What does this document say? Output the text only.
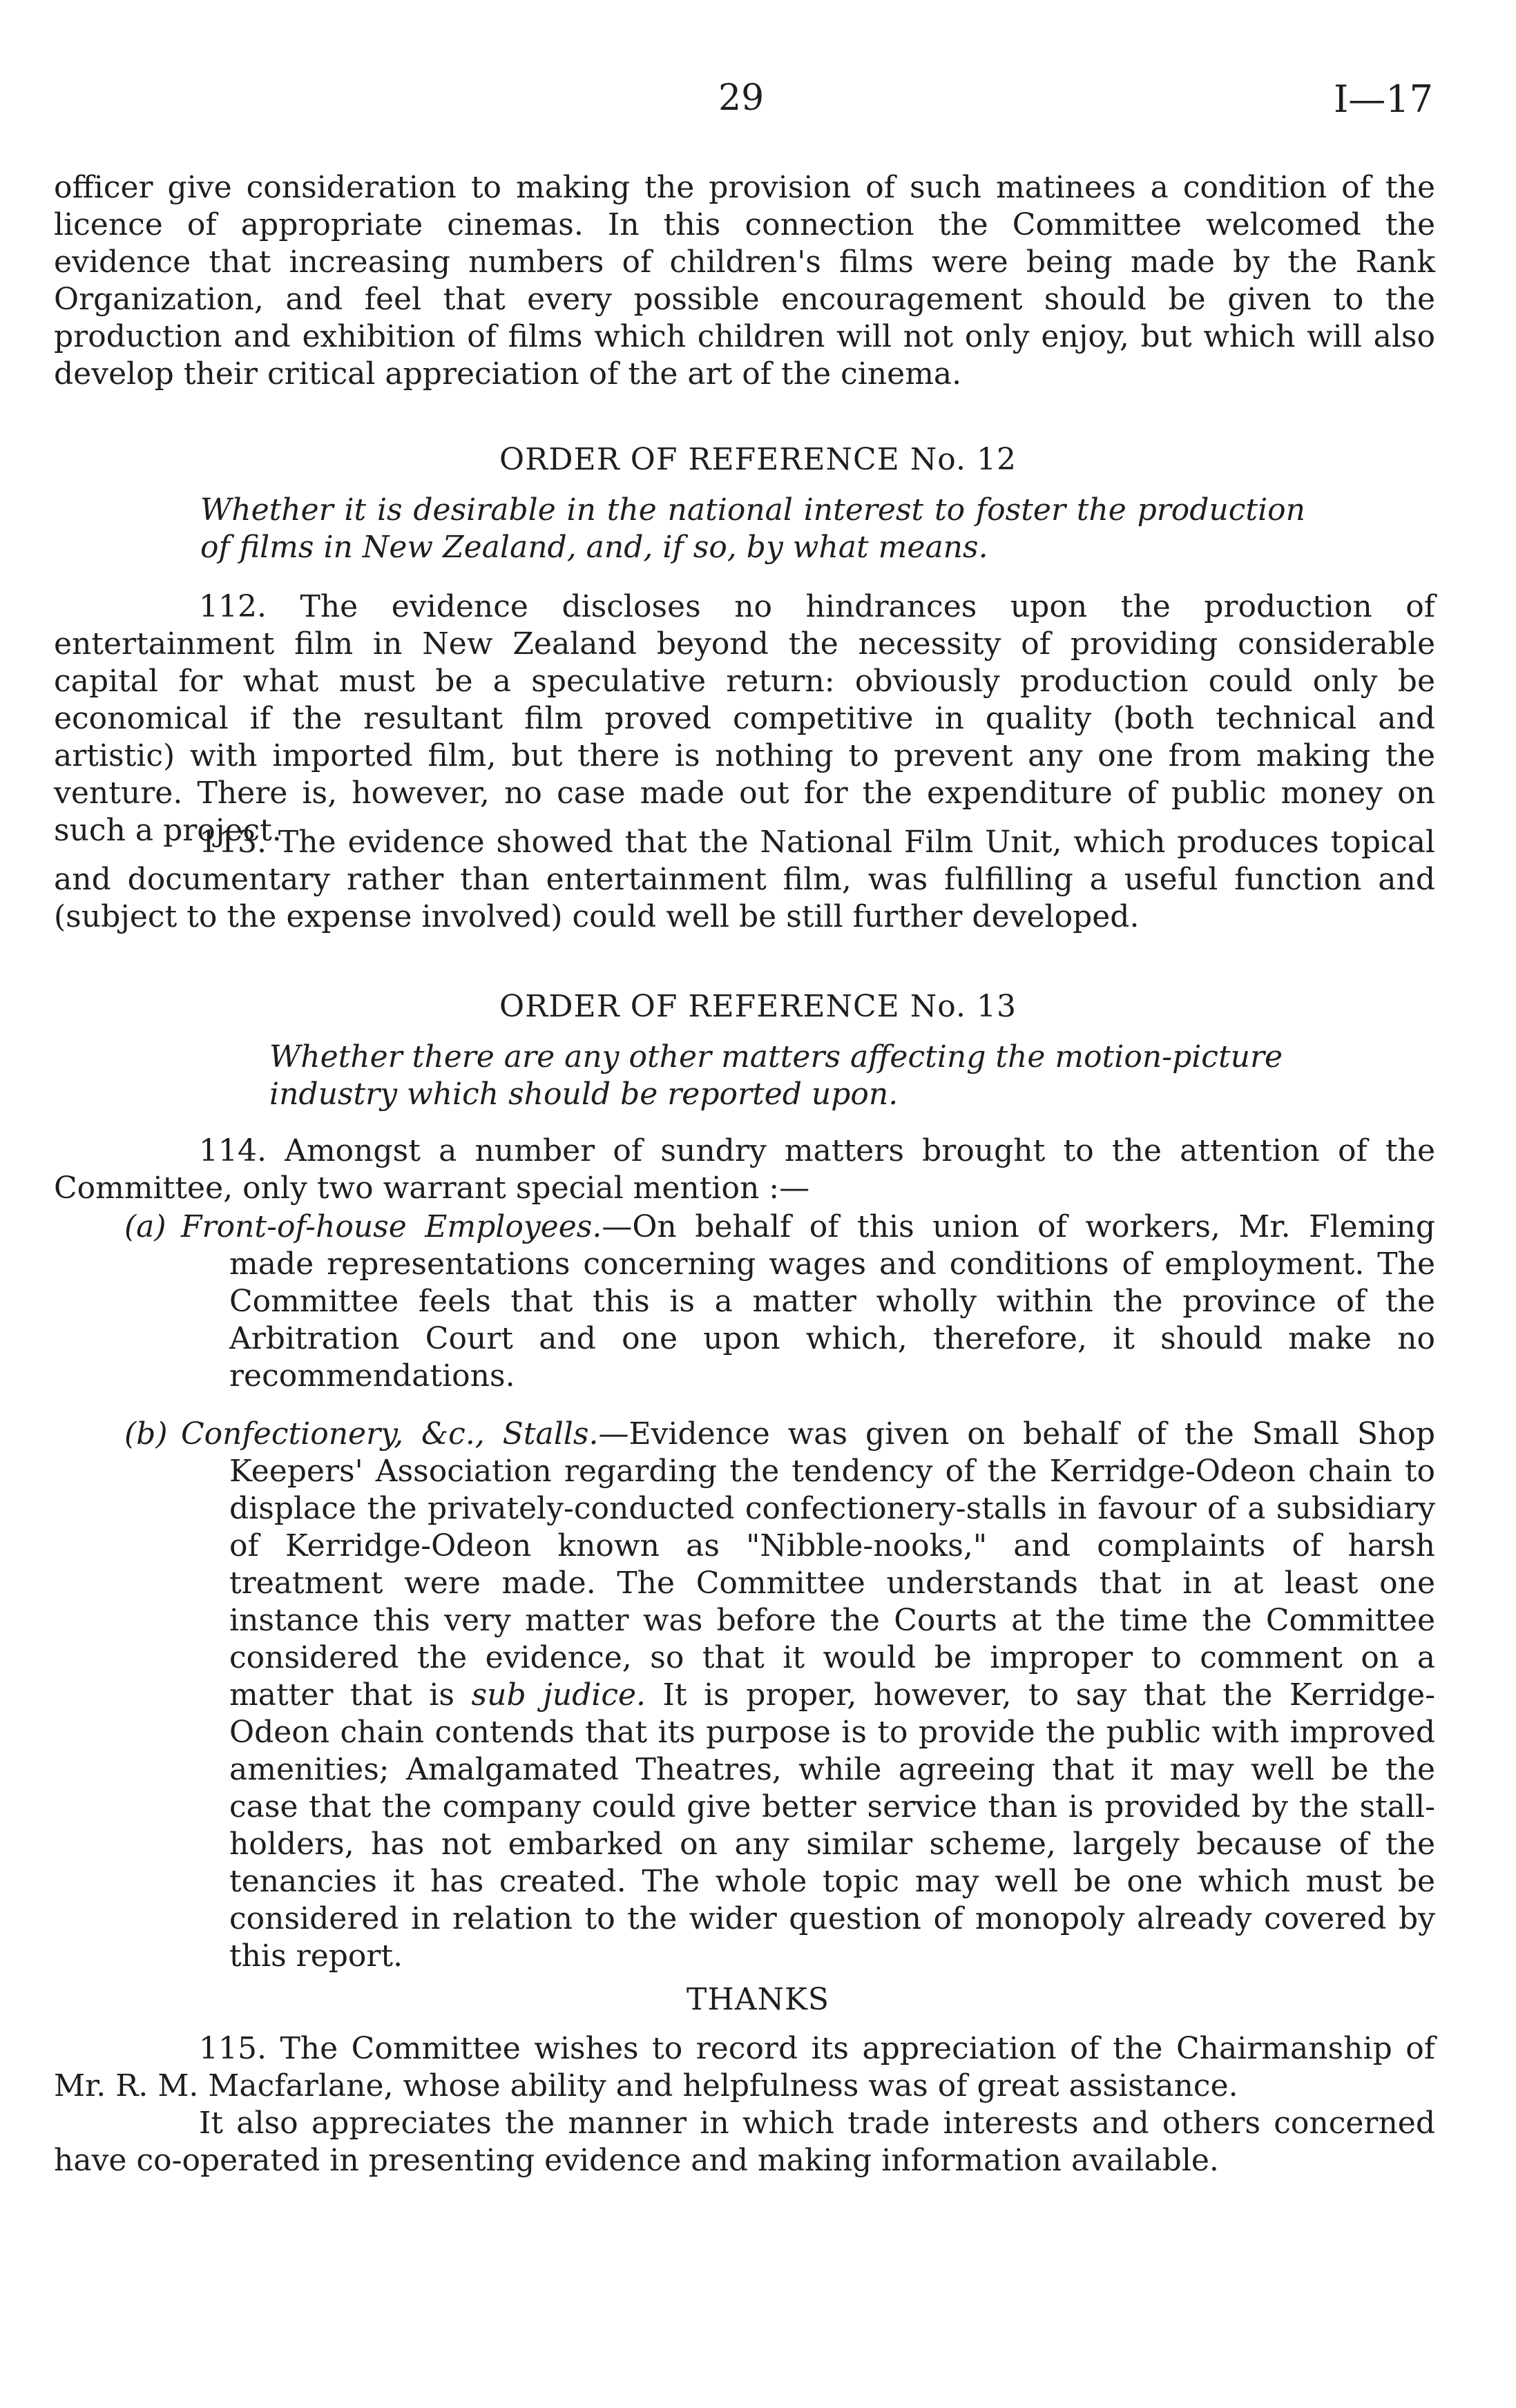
29	I—17
officer give consideration to making the provision of such matinees a condition of the licence of appropriate cinemas. In this connection the Committee welcomed the evidence that increasing numbers of children's films were being made by the Rank Organization, and feel that every possible encouragement should be given to the production and exhibition of films which children will not only enjoy, but which will also develop their critical appreciation of the art of the cinema.
ORDER OF REFERENCE No. 12
Whether it is desirable in the national interest to foster the production of films in New Zealand, and, if so, by what means.
112. The evidence discloses no hindrances upon the production of entertainment film in New Zealand beyond the necessity of providing considerable capital for what must be a speculative return: obviously production could only be economical if the resultant film proved competitive in quality (both technical and artistic) with imported film, but there is nothing to prevent any one from making the venture. There is, however, no case made out for the expenditure of public money on such a project.
113. The evidence showed that the National Film Unit, which produces topical and documentary rather than entertainment film, was fulfilling a useful function and (subject to the expense involved) could well be still further developed.
ORDER OF REFERENCE No. 13
Whether there are any other matters affecting the motion-picture industry which should be reported upon.
114. Amongst a number of sundry matters brought to the attention of the Committee, only two warrant special mention :—
(a) Front-of-house Employees.—On behalf of this union of workers, Mr. Fleming made representations concerning wages and conditions of employment. The Committee feels that this is a matter wholly within the province of the Arbitration Court and one upon which, therefore, it should make no recommendations.
(b) Confectionery, &c., Stalls.—Evidence was given on behalf of the Small Shop Keepers' Association regarding the tendency of the Kerridge-Odeon chain to displace the privately-conducted confectionery-stalls in favour of a subsidiary of Kerridge-Odeon known as "Nibble-nooks," and complaints of harsh treatment were made. The Committee understands that in at least one instance this very matter was before the Courts at the time the Committee considered the evidence, so that it would be improper to comment on a matter that is sub judice. It is proper, however, to say that the Kerridge-Odeon chain contends that its purpose is to provide the public with improved amenities; Amalgamated Theatres, while agreeing that it may well be the case that the company could give better service than is provided by the stall-holders, has not embarked on any similar scheme, largely because of the tenancies it has created. The whole topic may well be one which must be considered in relation to the wider question of monopoly already covered by this report.
THANKS
115. The Committee wishes to record its appreciation of the Chairmanship of Mr. R. M. Macfarlane, whose ability and helpfulness was of great assistance.
It also appreciates the manner in which trade interests and others concerned have co-operated in presenting evidence and making information available.
